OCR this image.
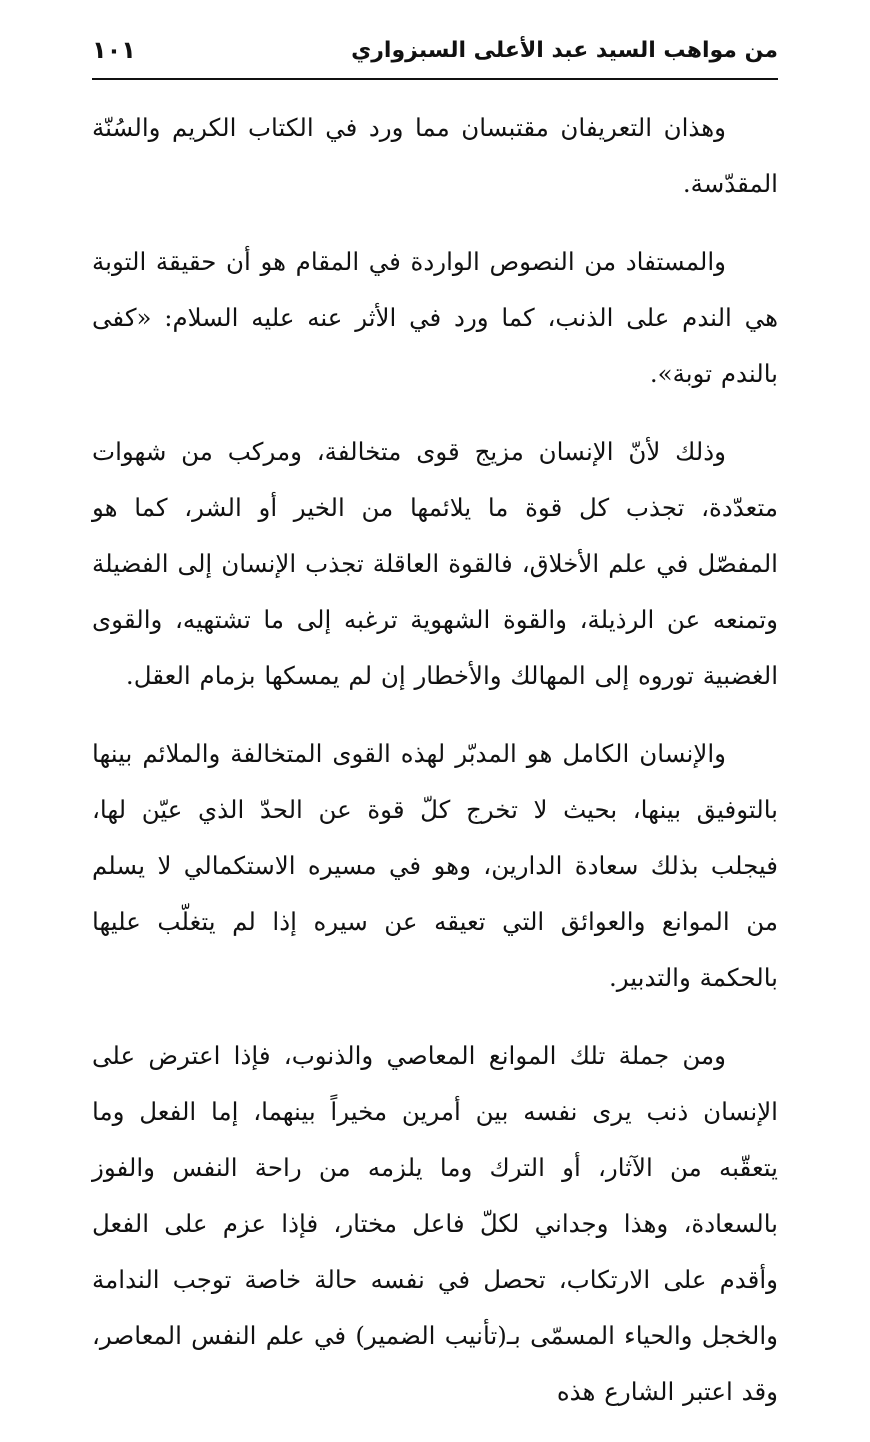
من مواهب السيد عبد الأعلى السبزواري
١٠١

وهذان التعريفان مقتبسان مما ورد في الكتاب الكريم والسُنّة المقدّسة.

والمستفاد من النصوص الواردة في المقام هو أن حقيقة التوبة هي الندم على الذنب، كما ورد في الأثر عنه عليه السلام: «كفى بالندم توبة».

وذلك لأنّ الإنسان مزيج قوى متخالفة، ومركب من شهوات متعدّدة، تجذب كل قوة ما يلائمها من الخير أو الشر، كما هو المفصّل في علم الأخلاق، فالقوة العاقلة تجذب الإنسان إلى الفضيلة وتمنعه عن الرذيلة، والقوة الشهوية ترغبه إلى ما تشتهيه، والقوى الغضبية توروه إلى المهالك والأخطار إن لم يمسكها بزمام العقل.

والإنسان الكامل هو المدبّر لهذه القوى المتخالفة والملائم بينها بالتوفيق بينها، بحيث لا تخرج كلّ قوة عن الحدّ الذي عيّن لها، فيجلب بذلك سعادة الدارين، وهو في مسيره الاستكمالي لا يسلم من الموانع والعوائق التي تعيقه عن سيره إذا لم يتغلّب عليها بالحكمة والتدبير.

ومن جملة تلك الموانع المعاصي والذنوب، فإذا اعترض على الإنسان ذنب يرى نفسه بين أمرين مخيراً بينهما، إما الفعل وما يتعقّبه من الآثار، أو الترك وما يلزمه من راحة النفس والفوز بالسعادة، وهذا وجداني لكلّ فاعل مختار، فإذا عزم على الفعل وأقدم على الارتكاب، تحصل في نفسه حالة خاصة توجب الندامة والخجل والحياء المسمّى بـ(تأنيب الضمير) في علم النفس المعاصر، وقد اعتبر الشارع هذه
